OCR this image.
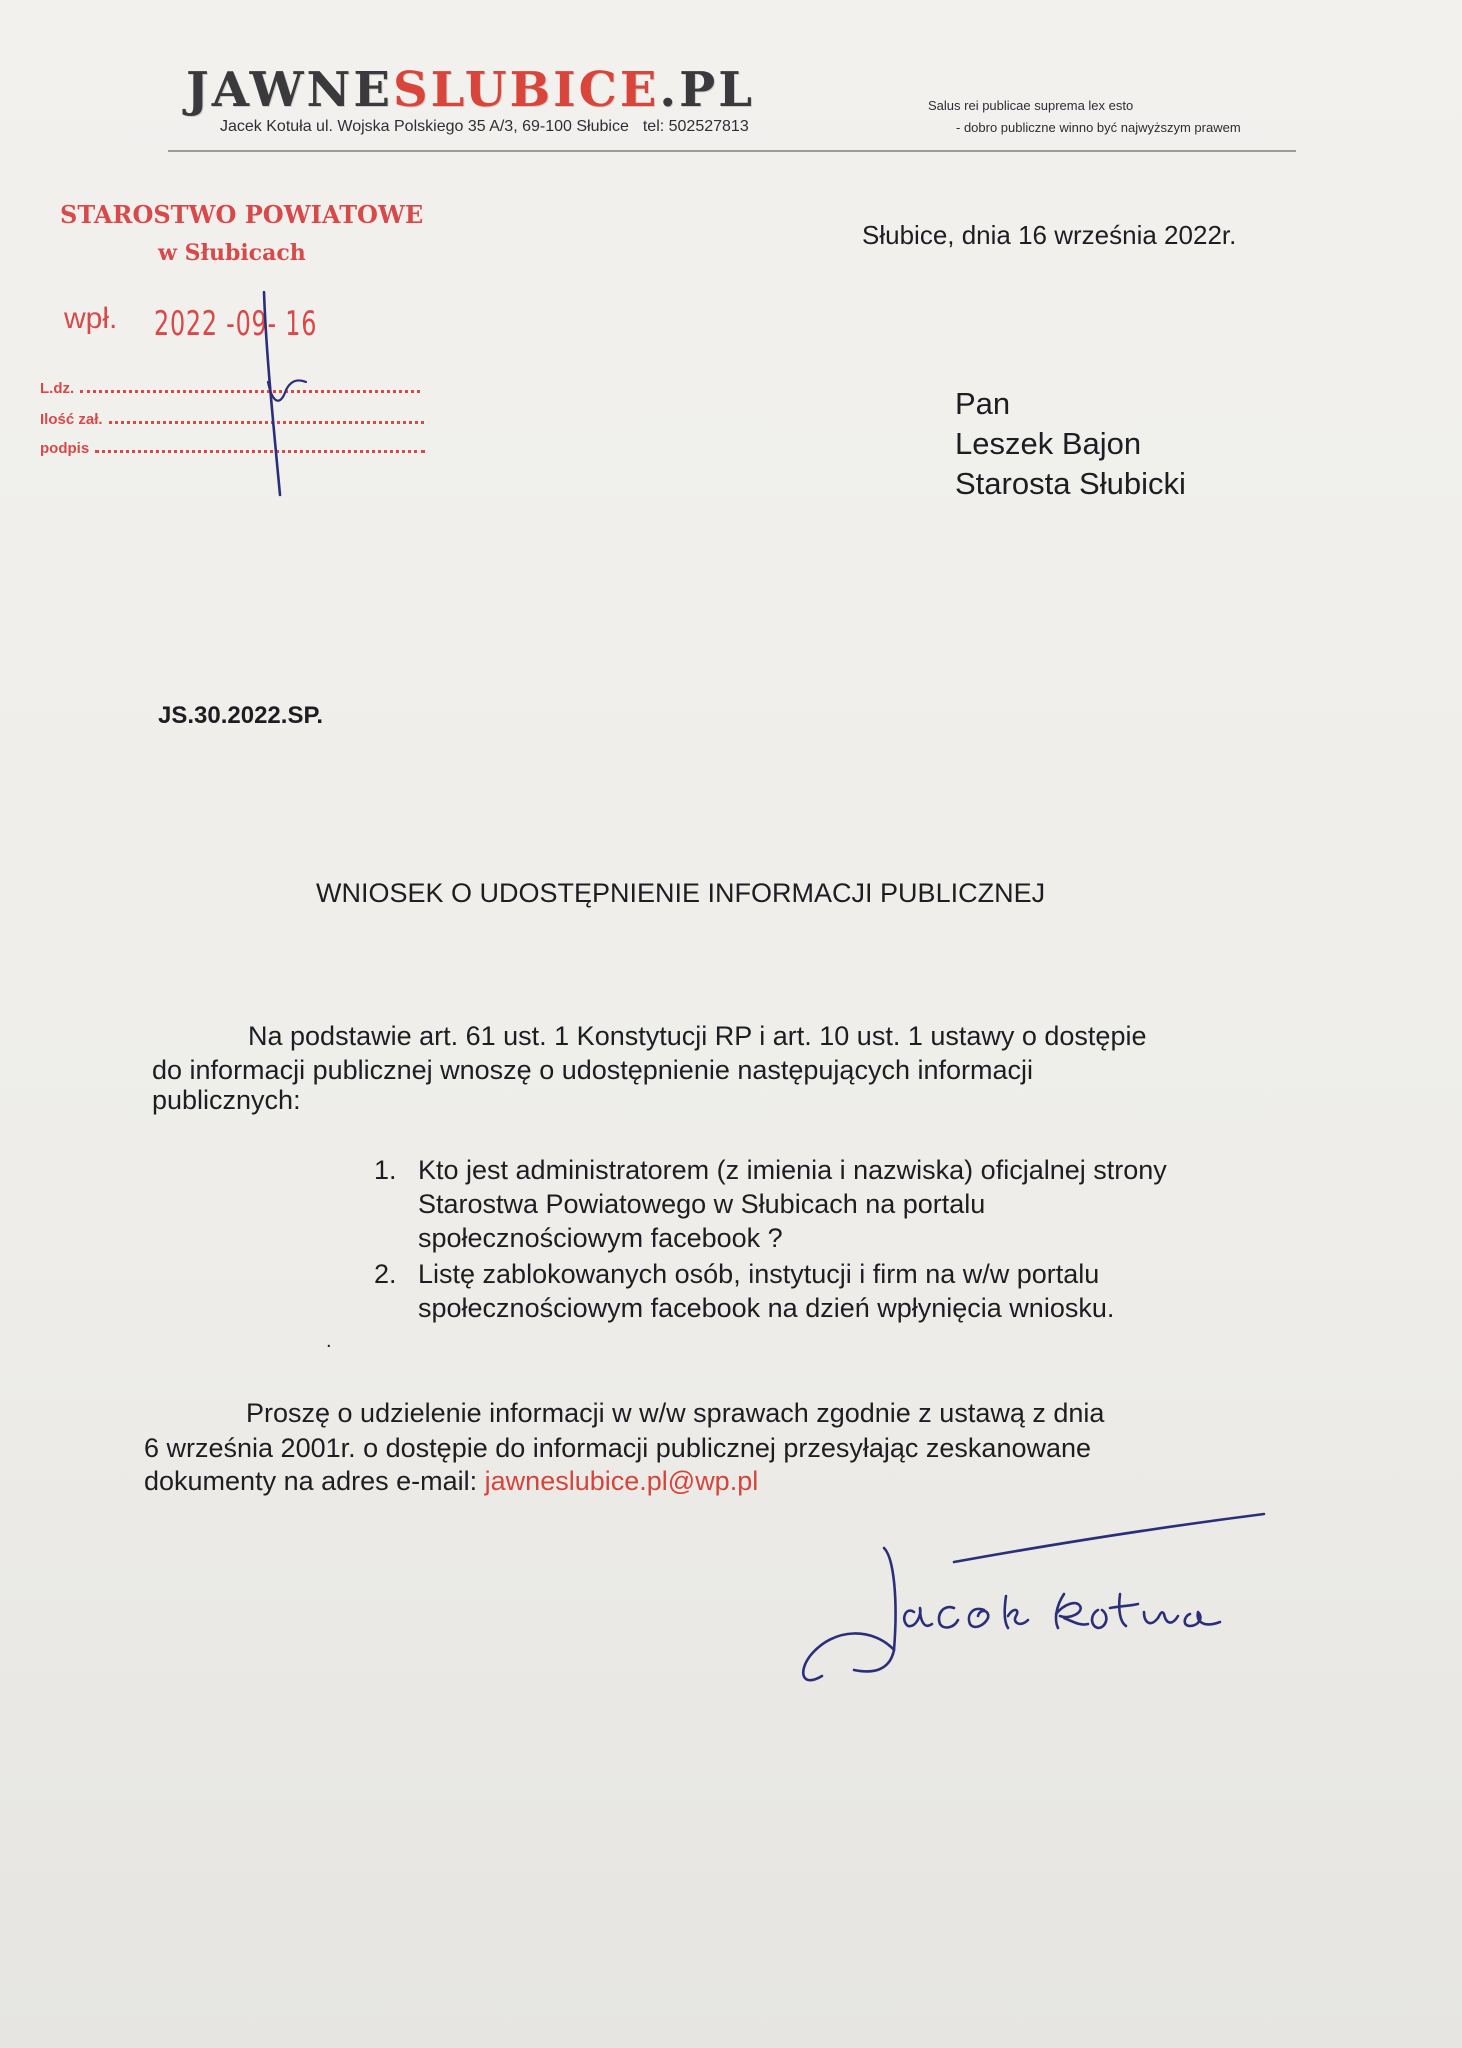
JAWNESLUBICE.PL
Jacek Kotuła ul. Wojska Polskiego 35 A/3, 69-100 Słubice tel: 502527813
Salus rei publicae suprema lex esto
- dobro publiczne winno być najwyższym prawem
STAROSTWO POWIATOWE
w Słubicach
wpł. 2022 -09- 16
L.dz.
Ilość zał.
podpis
Słubice, dnia 16 września 2022r.
Pan
Leszek Bajon
Starosta Słubicki
JS.30.2022.SP.
WNIOSEK O UDOSTĘPNIENIE INFORMACJI PUBLICZNEJ
Na podstawie art. 61 ust. 1 Konstytucji RP i art. 10 ust. 1 ustawy o dostępie
do informacji publicznej wnoszę o udostępnienie następujących informacji
publicznych:
1. Kto jest administratorem (z imienia i nazwiska) oficjalnej strony
Starostwa Powiatowego w Słubicach na portalu
społecznościowym facebook ?
2. Listę zablokowanych osób, instytucji i firm na w/w portalu
społecznościowym facebook na dzień wpłynięcia wniosku.
.
Proszę o udzielenie informacji w w/w sprawach zgodnie z ustawą z dnia
6 września 2001r. o dostępie do informacji publicznej przesyłając zeskanowane
dokumenty na adres e-mail: jawneslubice.pl@wp.pl
